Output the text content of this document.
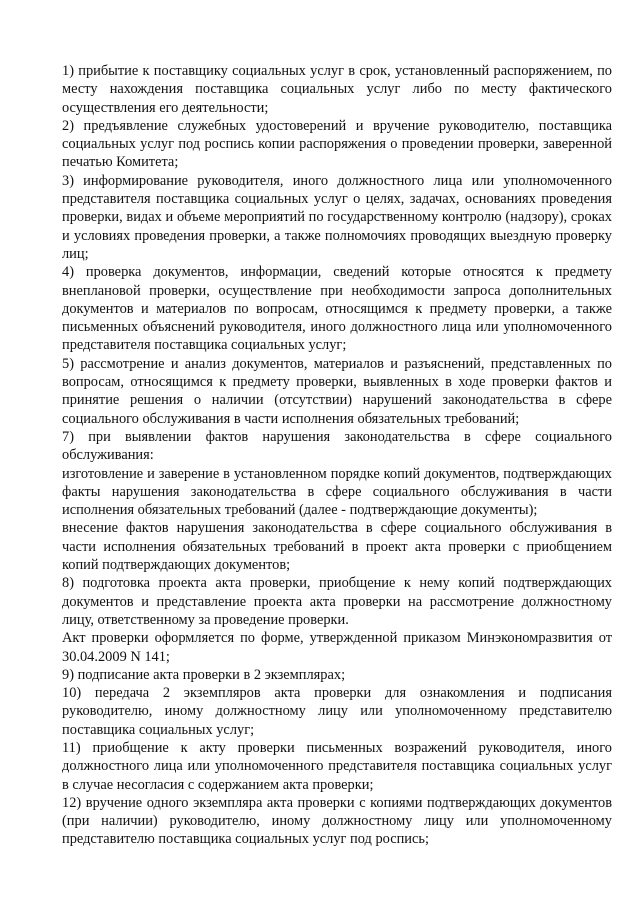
1) прибытие к поставщику социальных услуг в срок, установленный распоряжением, по месту нахождения поставщика социальных услуг либо по месту фактического осуществления его деятельности;

2) предъявление служебных удостоверений и вручение руководителю, поставщика социальных услуг под роспись копии распоряжения о проведении проверки, заверенной печатью Комитета;

3) информирование руководителя, иного должностного лица или уполномоченного представителя поставщика социальных услуг о целях, задачах, основаниях проведения проверки, видах и объеме мероприятий по государственному контролю (надзору), сроках и условиях проведения проверки, а также полномочиях проводящих выездную проверку лиц;

4) проверка документов, информации, сведений которые относятся к предмету внеплановой проверки, осуществление при необходимости запроса дополнительных документов и материалов по вопросам, относящимся к предмету проверки, а также письменных объяснений руководителя, иного должностного лица или уполномоченного представителя поставщика социальных услуг;

5) рассмотрение и анализ документов, материалов и разъяснений, представленных по вопросам, относящимся к предмету проверки, выявленных в ходе проверки фактов и принятие решения о наличии (отсутствии) нарушений законодательства в сфере социального обслуживания в части исполнения обязательных требований;

7) при выявлении фактов нарушения законодательства в сфере социального обслуживания:

изготовление и заверение в установленном порядке копий документов, подтверждающих факты нарушения законодательства в сфере социального обслуживания в части исполнения обязательных требований (далее - подтверждающие документы);

внесение фактов нарушения законодательства в сфере социального обслуживания в части исполнения обязательных требований в проект акта проверки с приобщением копий подтверждающих документов;

8) подготовка проекта акта проверки, приобщение к нему копий подтверждающих документов и представление проекта акта проверки на рассмотрение должностному лицу, ответственному за проведение проверки.

Акт проверки оформляется по форме, утвержденной приказом Минэкономразвития от 30.04.2009 N 141;

9) подписание акта проверки в 2 экземплярах;

10) передача 2 экземпляров акта проверки для ознакомления и подписания руководителю, иному должностному лицу или уполномоченному представителю поставщика социальных услуг;

11) приобщение к акту проверки письменных возражений руководителя, иного должностного лица или уполномоченного представителя поставщика социальных услуг в случае несогласия с содержанием акта проверки;

12) вручение одного экземпляра акта проверки с копиями подтверждающих документов (при наличии) руководителю, иному должностному лицу или уполномоченному представителю поставщика социальных услуг под роспись;
